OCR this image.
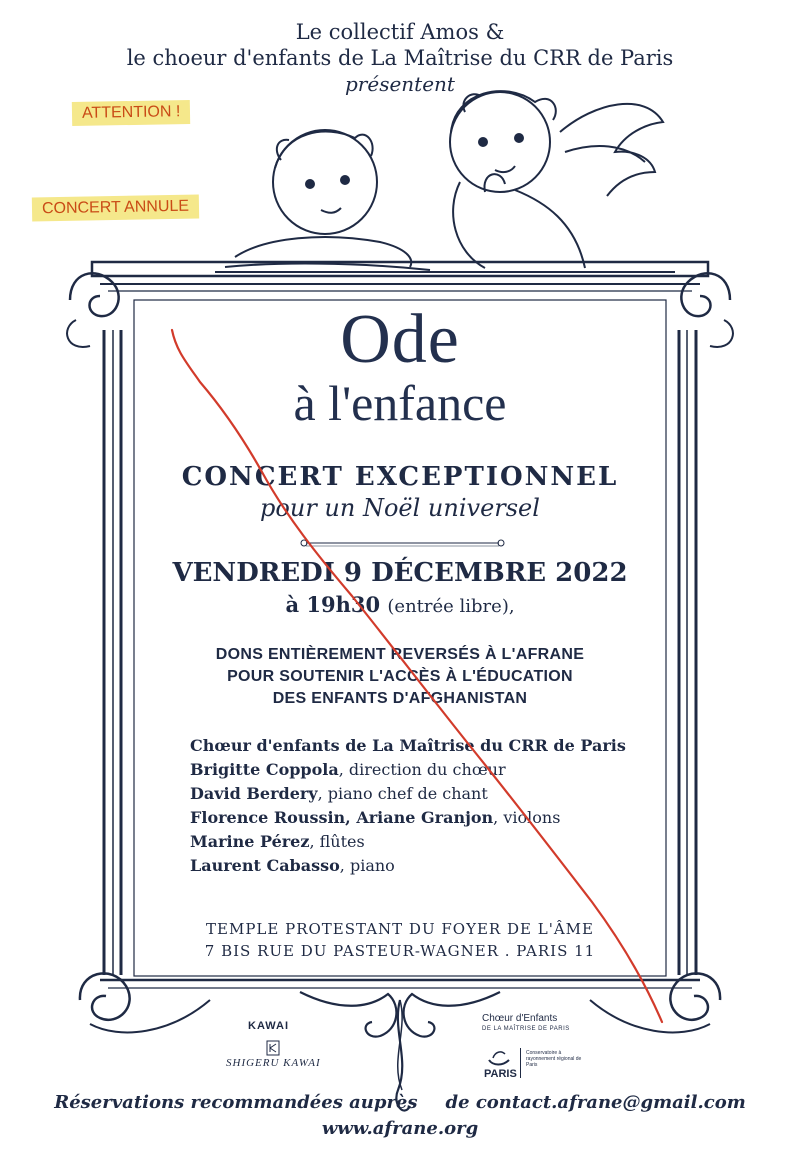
Le collectif Amos &
le choeur d'enfants de La Maîtrise du CRR de Paris
présentent
ATTENTION !
CONCERT ANNULE
Ode
à l'enfance
CONCERT EXCEPTIONNEL
pour un Noël universel
VENDREDI 9 DÉCEMBRE 2022
à 19h30 (entrée libre),
DONS ENTIÈREMENT REVERSÉS À L'AFRANE
POUR SOUTENIR L'ACCÈS À L'ÉDUCATION
DES ENFANTS D'AFGHANISTAN
Chœur d'enfants de La Maîtrise du CRR de Paris
Brigitte Coppola, direction du chœur
David Berdery, piano chef de chant
Florence Roussin, Ariane Granjon, violons
Marine Pérez, flûtes
Laurent Cabasso, piano
TEMPLE PROTESTANT DU FOYER DE L'ÂME
7 BIS RUE DU PASTEUR-WAGNER . PARIS 11
KAWAI
SHIGERU KAWAI
Chœur d'Enfants
DE LA MAÎTRISE DE PARIS
PARIS
Conservatoire à rayonnement régional de Paris
Réservations recommandées auprès de contact.afrane@gmail.com
www.afrane.org
